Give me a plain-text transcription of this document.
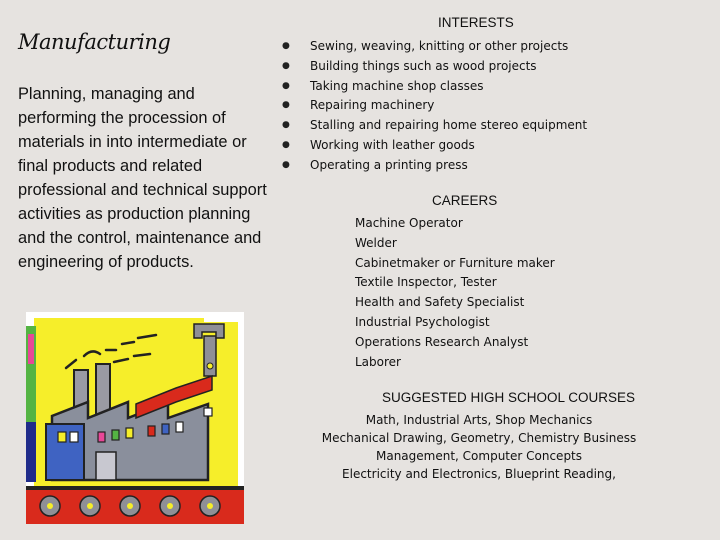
Manufacturing
Planning, managing and performing the procession of materials in into intermediate or final products and related professional and technical support activities as production planning and the control, maintenance and engineering of products.
INTERESTS
●	Sewing, weaving, knitting or other projects
●	Building things such as wood projects
●	Taking machine shop classes
●	Repairing machinery
●	Stalling and repairing home stereo equipment
●	Working with leather goods
●	Operating a printing press
CAREERS
Machine Operator
Welder
Cabinetmaker or Furniture maker
Textile Inspector, Tester
Health and Safety Specialist
Industrial Psychologist
Operations Research Analyst
Laborer
SUGGESTED HIGH SCHOOL COURSES
Math, Industrial Arts, Shop Mechanics
Mechanical Drawing, Geometry, Chemistry Business
Management, Computer Concepts
Electricity and Electronics, Blueprint Reading,
